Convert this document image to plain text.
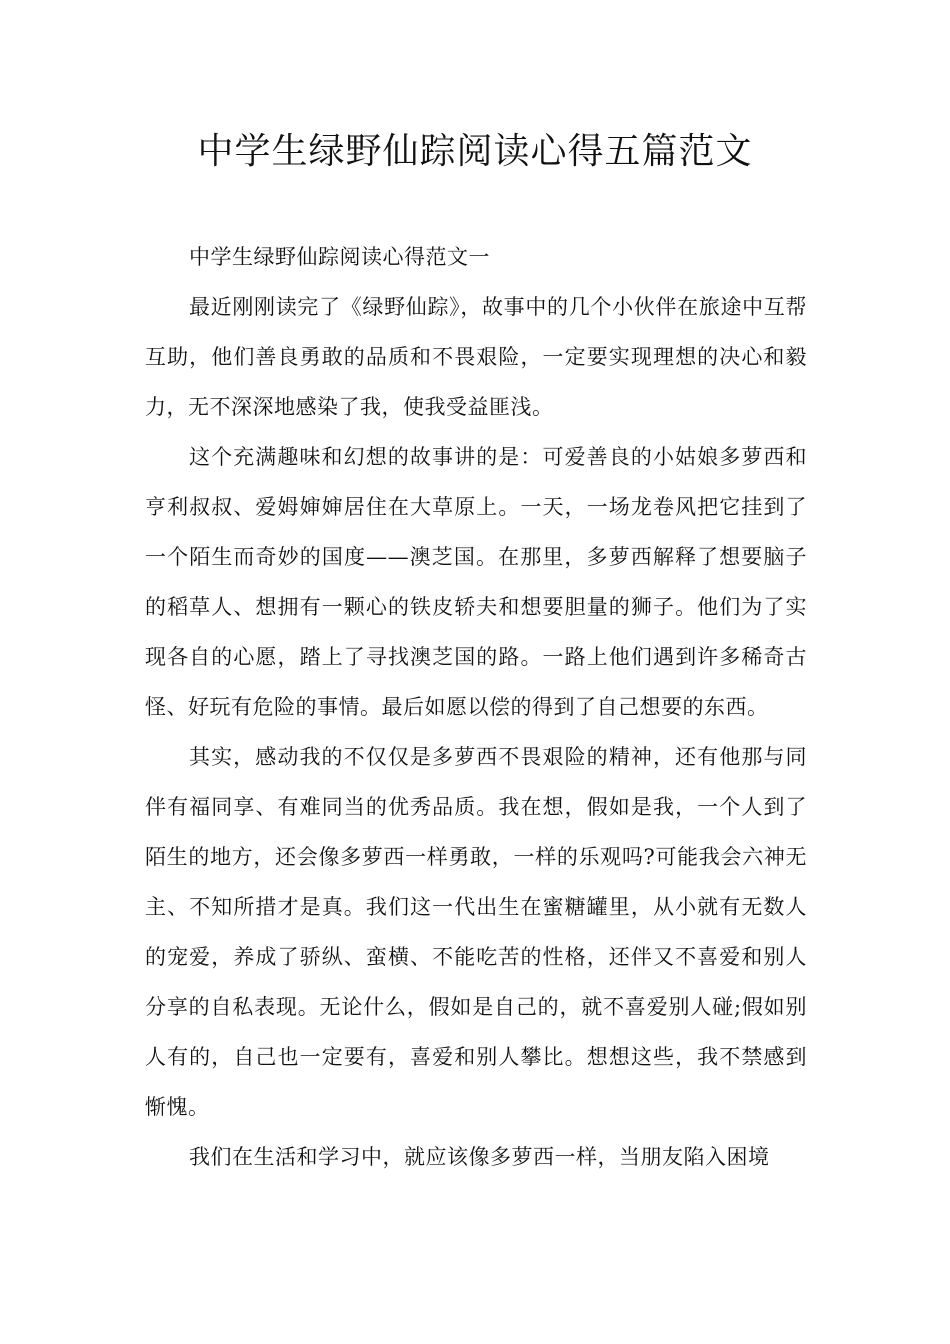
中学生绿野仙踪阅读心得五篇范文

中学生绿野仙踪阅读心得范文一

最近刚刚读完了《绿野仙踪》，故事中的几个小伙伴在旅途中互帮互助，他们善良勇敢的品质和不畏艰险，一定要实现理想的决心和毅力，无不深深地感染了我，使我受益匪浅。

这个充满趣味和幻想的故事讲的是：可爱善良的小姑娘多萝西和亨利叔叔、爱姆婶婶居住在大草原上。一天，一场龙卷风把它挂到了一个陌生而奇妙的国度——澳芝国。在那里，多萝西解释了想要脑子的稻草人、想拥有一颗心的铁皮轿夫和想要胆量的狮子。他们为了实现各自的心愿，踏上了寻找澳芝国的路。一路上他们遇到许多稀奇古怪、好玩有危险的事情。最后如愿以偿的得到了自己想要的东西。

其实，感动我的不仅仅是多萝西不畏艰险的精神，还有他那与同伴有福同享、有难同当的优秀品质。我在想，假如是我，一个人到了陌生的地方，还会像多萝西一样勇敢，一样的乐观吗?可能我会六神无主、不知所措才是真。我们这一代出生在蜜糖罐里，从小就有无数人的宠爱，养成了骄纵、蛮横、不能吃苦的性格，还伴又不喜爱和别人分享的自私表现。无论什么，假如是自己的，就不喜爱别人碰;假如别人有的，自己也一定要有，喜爱和别人攀比。想想这些，我不禁感到惭愧。

我们在生活和学习中，就应该像多萝西一样，当朋友陷入困境
